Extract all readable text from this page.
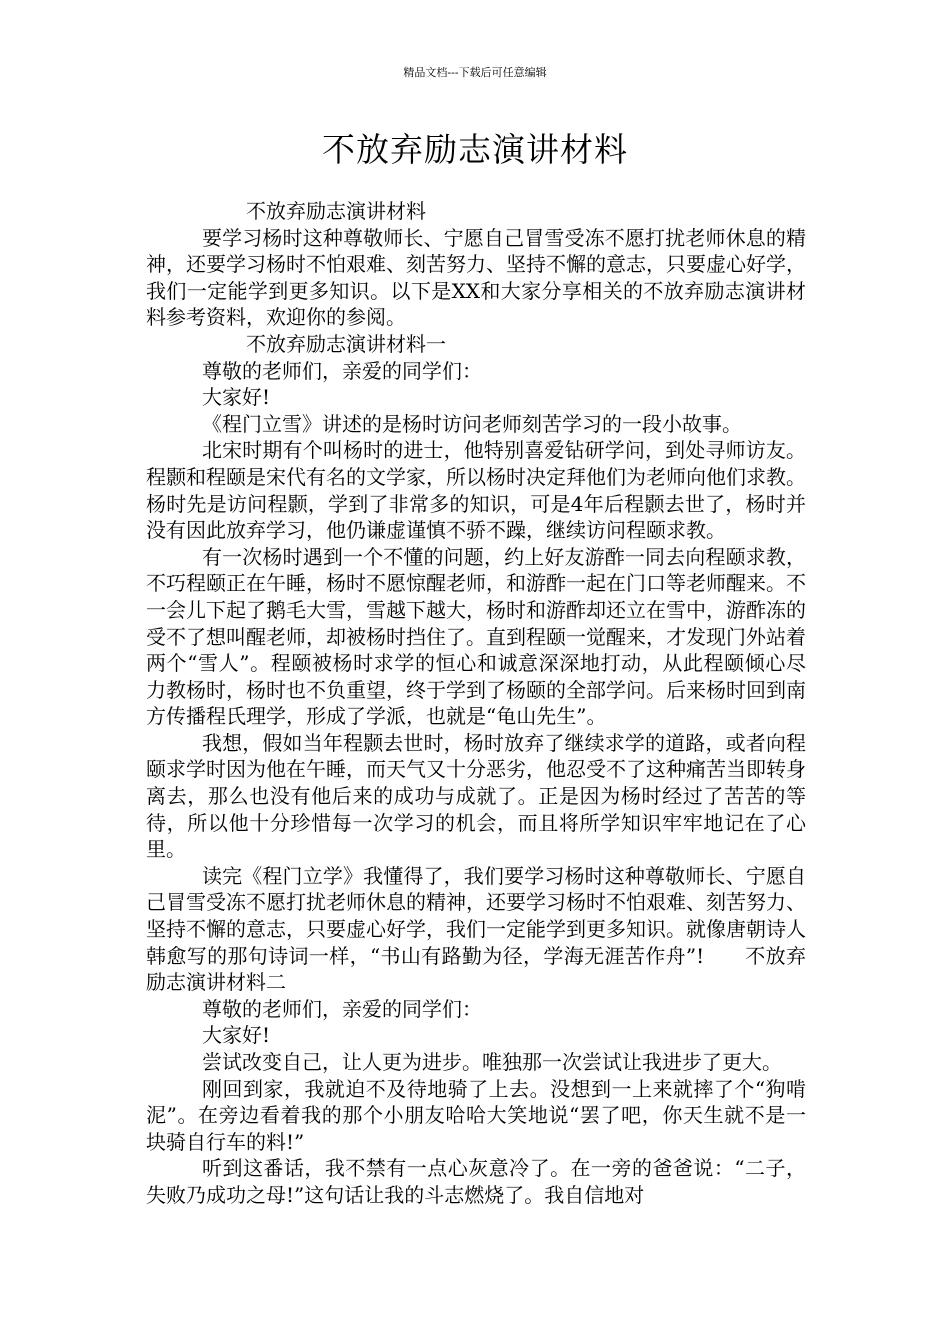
精品文档---下载后可任意编辑
不放弃励志演讲材料

不放弃励志演讲材料

要学习杨时这种尊敬师长、宁愿自己冒雪受冻不愿打扰老师休息的精神，还要学习杨时不怕艰难、刻苦努力、坚持不懈的意志，只要虚心好学，我们一定能学到更多知识。以下是XX和大家分享相关的不放弃励志演讲材料参考资料，欢迎你的参阅。

不放弃励志演讲材料一

尊敬的老师们，亲爱的同学们：

大家好!

《程门立雪》讲述的是杨时访问老师刻苦学习的一段小故事。

北宋时期有个叫杨时的进士，他特别喜爱钻研学问，到处寻师访友。程颢和程颐是宋代有名的文学家，所以杨时决定拜他们为老师向他们求教。杨时先是访问程颢，学到了非常多的知识，可是4年后程颢去世了，杨时并没有因此放弃学习，他仍谦虚谨慎不骄不躁，继续访问程颐求教。

有一次杨时遇到一个不懂的问题，约上好友游酢一同去向程颐求教，不巧程颐正在午睡，杨时不愿惊醒老师，和游酢一起在门口等老师醒来。不一会儿下起了鹅毛大雪，雪越下越大，杨时和游酢却还立在雪中，游酢冻的受不了想叫醒老师，却被杨时挡住了。直到程颐一觉醒来，才发现门外站着两个“雪人”。程颐被杨时求学的恒心和诚意深深地打动，从此程颐倾心尽力教杨时，杨时也不负重望，终于学到了杨颐的全部学问。后来杨时回到南方传播程氏理学，形成了学派，也就是“龟山先生”。

我想，假如当年程颢去世时，杨时放弃了继续求学的道路，或者向程颐求学时因为他在午睡，而天气又十分恶劣，他忍受不了这种痛苦当即转身离去，那么也没有他后来的成功与成就了。正是因为杨时经过了苦苦的等待，所以他十分珍惜每一次学习的机会，而且将所学知识牢牢地记在了心里。

读完《程门立学》我懂得了，我们要学习杨时这种尊敬师长、宁愿自己冒雪受冻不愿打扰老师休息的精神，还要学习杨时不怕艰难、刻苦努力、坚持不懈的意志，只要虚心好学，我们一定能学到更多知识。就像唐朝诗人韩愈写的那句诗词一样，“书山有路勤为径，学海无涯苦作舟”!　　不放弃励志演讲材料二

尊敬的老师们，亲爱的同学们：

大家好!

尝试改变自己，让人更为进步。唯独那一次尝试让我进步了更大。

刚回到家，我就迫不及待地骑了上去。没想到一上来就摔了个“狗啃泥”。在旁边看着我的那个小朋友哈哈大笑地说“罢了吧，你天生就不是一块骑自行车的料!”

听到这番话，我不禁有一点心灰意冷了。在一旁的爸爸说：“二子，失败乃成功之母!”这句话让我的斗志燃烧了。我自信地对
